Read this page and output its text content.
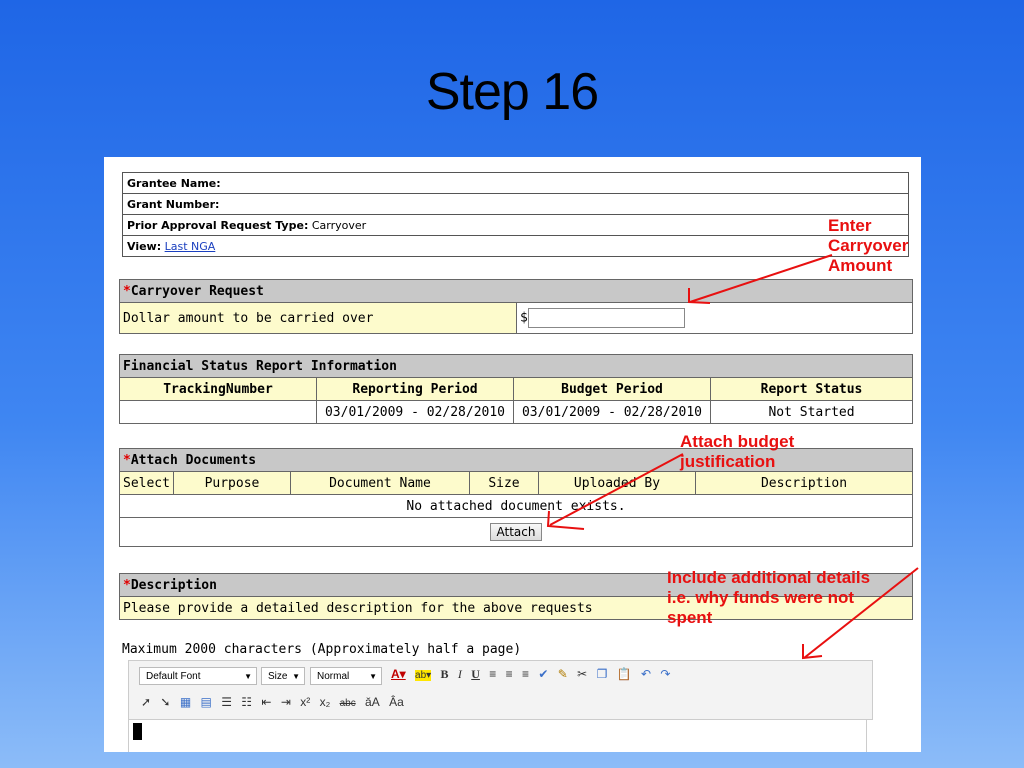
Step 16
Grantee Name:
Grant Number:
Prior Approval Request Type: Carryover
View: Last NGA
*Carryover Request
Dollar amount to be carried over	$
Financial Status Report Information			
TrackingNumber	Reporting Period	Budget Period	Report Status
	03/01/2009 - 02/28/2010	03/01/2009 - 02/28/2010	Not Started
*Attach Documents
Select	Purpose	Document Name	Size	Uploaded By	Description
No attached document exists.
Attach
*Description
Please provide a detailed description for the above requests
Maximum 2000 characters (Approximately half a page)
Default Font	▼	Size ▼	Normal ▼ A▾ ab▾ B I U ≡ ≡ ≡ ✔ ✎ ✂ ❐ 📋 ↶ ↷
➚ ➘ ▦ ▤ ☰ ☷ ⇤ ⇥ x² x₂ abc ǎA Âa
Enter
Carryover
Amount
Attach budget
justification
Include additional details
i.e. why funds were not
spent
